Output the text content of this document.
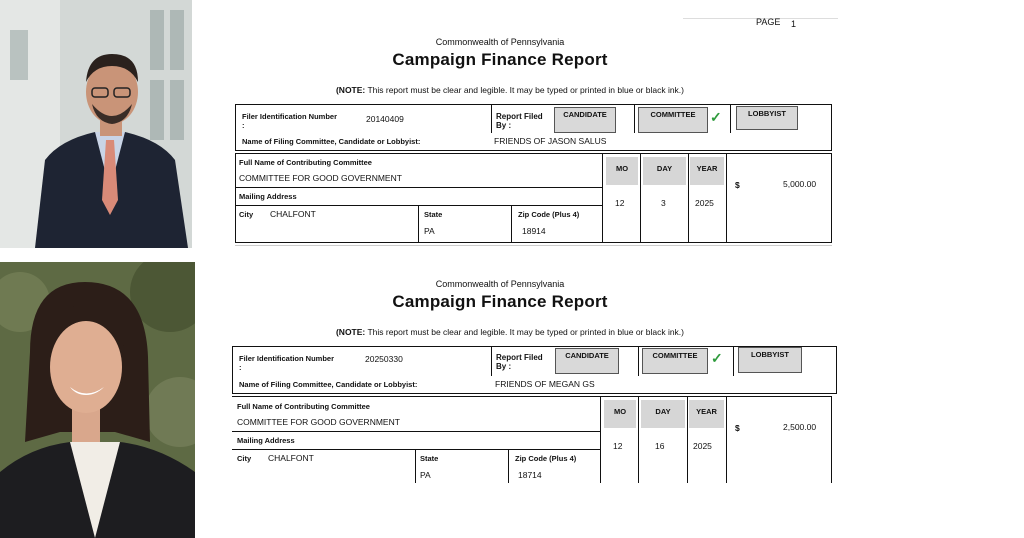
PAGE 1
Commonwealth of Pennsylvania
Campaign Finance Report
(NOTE: This report must be clear and legible. It may be typed or printed in blue or black ink.)
Filer Identification Number :
20140409	Report Filed By :
CANDIDATE	COMMITTEE	✓	LOBBYIST
Name of Filing Committee, Candidate or Lobbyist:	FRIENDS OF JASON SALUS
Full Name of Contributing Committee
COMMITTEE FOR GOOD GOVERNMENT
Mailing Address
City CHALFONT	State
PA
Zip Code (Plus 4)
18914
MO	DAY	YEAR
12	3	2025
$	5,000.00
Commonwealth of Pennsylvania
Campaign Finance Report
(NOTE: This report must be clear and legible. It may be typed or printed in blue or black ink.)
Filer Identification Number :
20250330	Report Filed By :
CANDIDATE	COMMITTEE ✓	LOBBYIST
Name of Filing Committee, Candidate or Lobbyist:	FRIENDS OF MEGAN GS
Full Name of Contributing Committee
COMMITTEE FOR GOOD GOVERNMENT
Mailing Address
City CHALFONT	State
PA
Zip Code (Plus 4)
18714
MO	DAY	YEAR
12	16	2025
$	2,500.00
